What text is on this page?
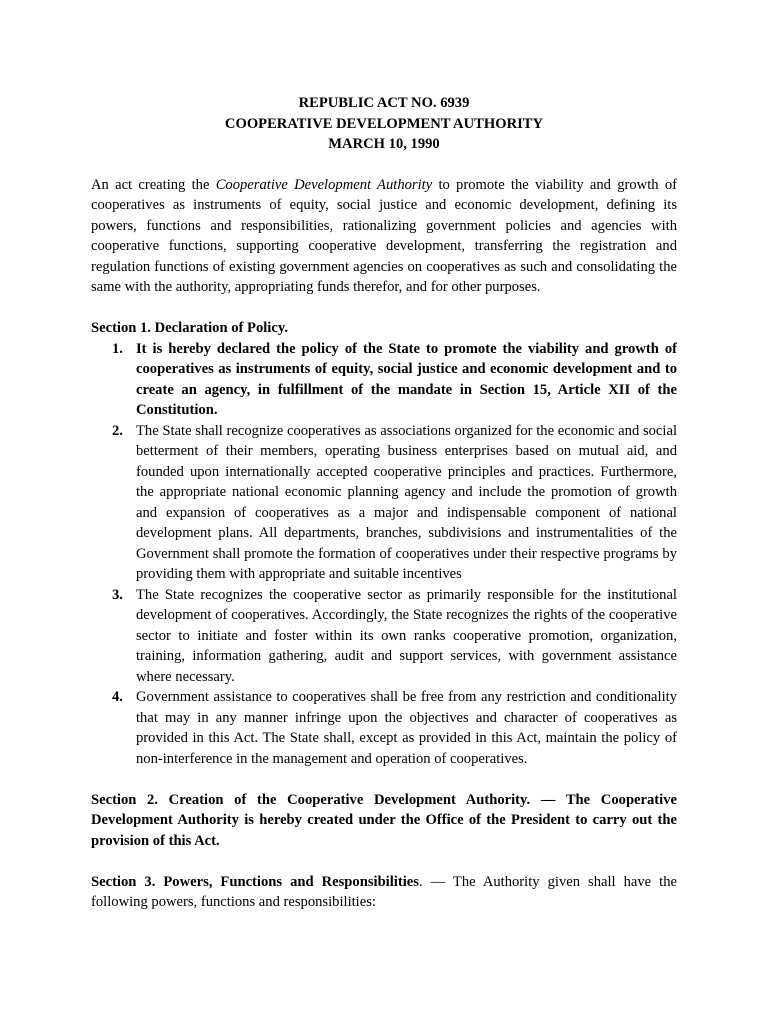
REPUBLIC ACT NO. 6939
COOPERATIVE DEVELOPMENT AUTHORITY
MARCH 10, 1990

An act creating the Cooperative Development Authority to promote the viability and growth of cooperatives as instruments of equity, social justice and economic development, defining its powers, functions and responsibilities, rationalizing government policies and agencies with cooperative functions, supporting cooperative development, transferring the registration and regulation functions of existing government agencies on cooperatives as such and consolidating the same with the authority, appropriating funds therefor, and for other purposes.

Section 1. Declaration of Policy.
1. It is hereby declared the policy of the State to promote the viability and growth of cooperatives as instruments of equity, social justice and economic development and to create an agency, in fulfillment of the mandate in Section 15, Article XII of the Constitution.
2. The State shall recognize cooperatives as associations organized for the economic and social betterment of their members, operating business enterprises based on mutual aid, and founded upon internationally accepted cooperative principles and practices. Furthermore, the appropriate national economic planning agency and include the promotion of growth and expansion of cooperatives as a major and indispensable component of national development plans. All departments, branches, subdivisions and instrumentalities of the Government shall promote the formation of cooperatives under their respective programs by providing them with appropriate and suitable incentives
3. The State recognizes the cooperative sector as primarily responsible for the institutional development of cooperatives. Accordingly, the State recognizes the rights of the cooperative sector to initiate and foster within its own ranks cooperative promotion, organization, training, information gathering, audit and support services, with government assistance where necessary.
4. Government assistance to cooperatives shall be free from any restriction and conditionality that may in any manner infringe upon the objectives and character of cooperatives as provided in this Act. The State shall, except as provided in this Act, maintain the policy of non-interference in the management and operation of cooperatives.

Section 2. Creation of the Cooperative Development Authority. — The Cooperative Development Authority is hereby created under the Office of the President to carry out the provision of this Act.

Section 3. Powers, Functions and Responsibilities. — The Authority given shall have the following powers, functions and responsibilities:
